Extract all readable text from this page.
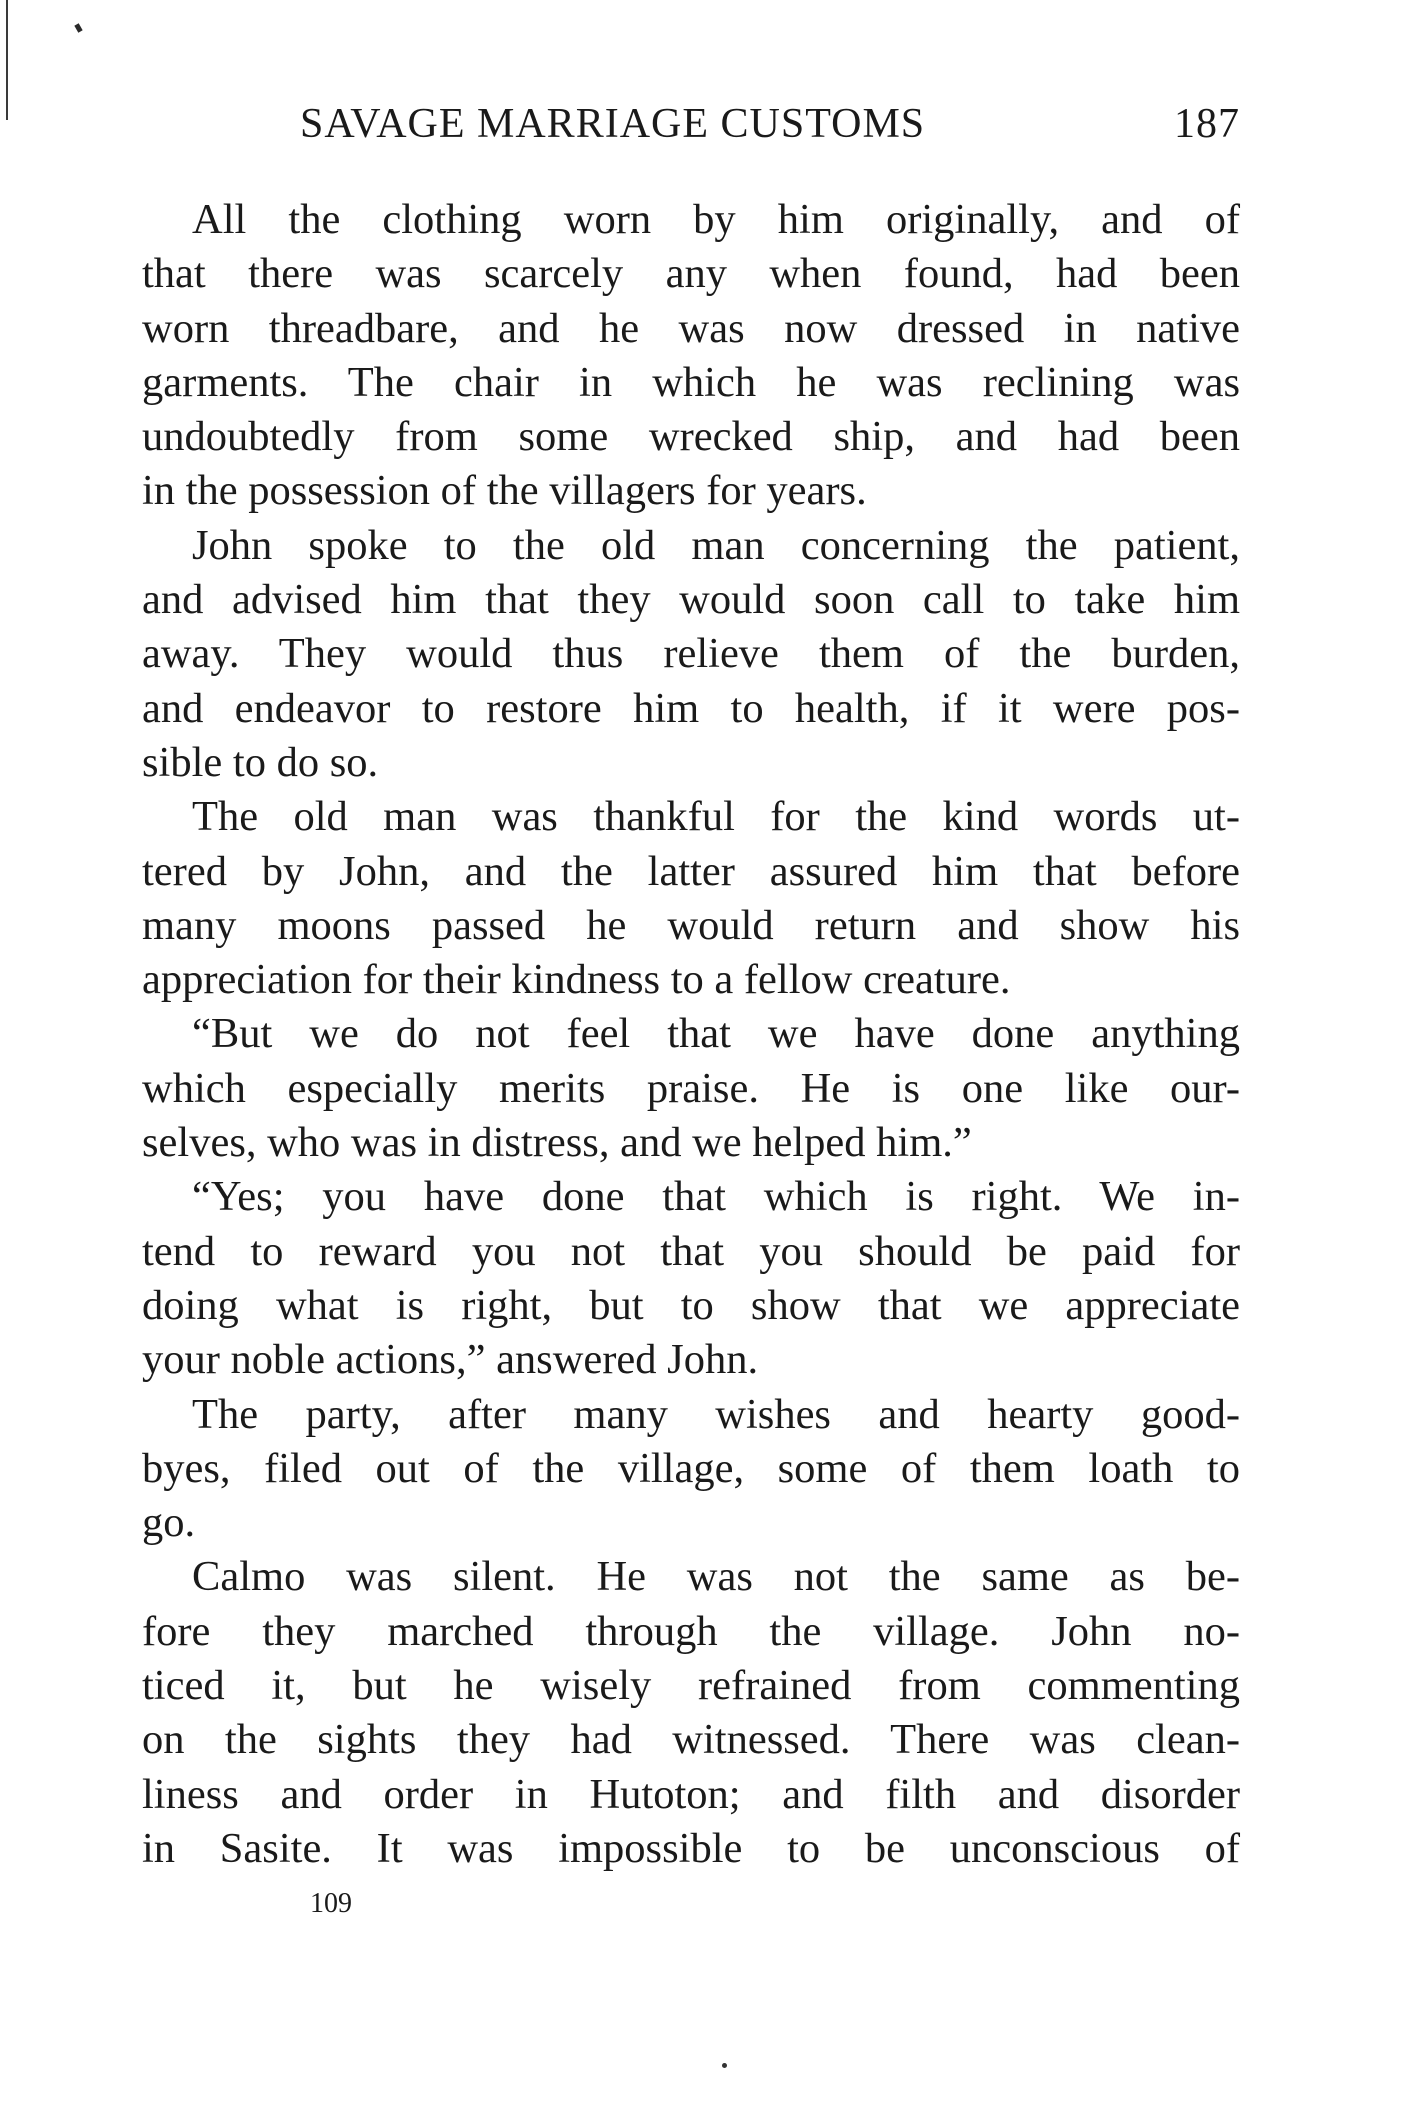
SAVAGE MARRIAGE CUSTOMS	187
All the clothing worn by him originally, and of
that there was scarcely any when found, had been
worn threadbare, and he was now dressed in native
garments. The chair in which he was reclining was
undoubtedly from some wrecked ship, and had been
in the possession of the villagers for years.
John spoke to the old man concerning the patient,
and advised him that they would soon call to take him
away. They would thus relieve them of the burden,
and endeavor to restore him to health, if it were pos-
sible to do so.
The old man was thankful for the kind words ut-
tered by John, and the latter assured him that before
many moons passed he would return and show his
appreciation for their kindness to a fellow creature.
“But we do not feel that we have done anything
which especially merits praise. He is one like our-
selves, who was in distress, and we helped him.”
“Yes; you have done that which is right. We in-
tend to reward you not that you should be paid for
doing what is right, but to show that we appreciate
your noble actions,” answered John.
The party, after many wishes and hearty good-
byes, filed out of the village, some of them loath to
go.
Calmo was silent. He was not the same as be-
fore they marched through the village. John no-
ticed it, but he wisely refrained from commenting
on the sights they had witnessed. There was clean-
liness and order in Hutoton; and filth and disorder
in Sasite. It was impossible to be unconscious of
109
